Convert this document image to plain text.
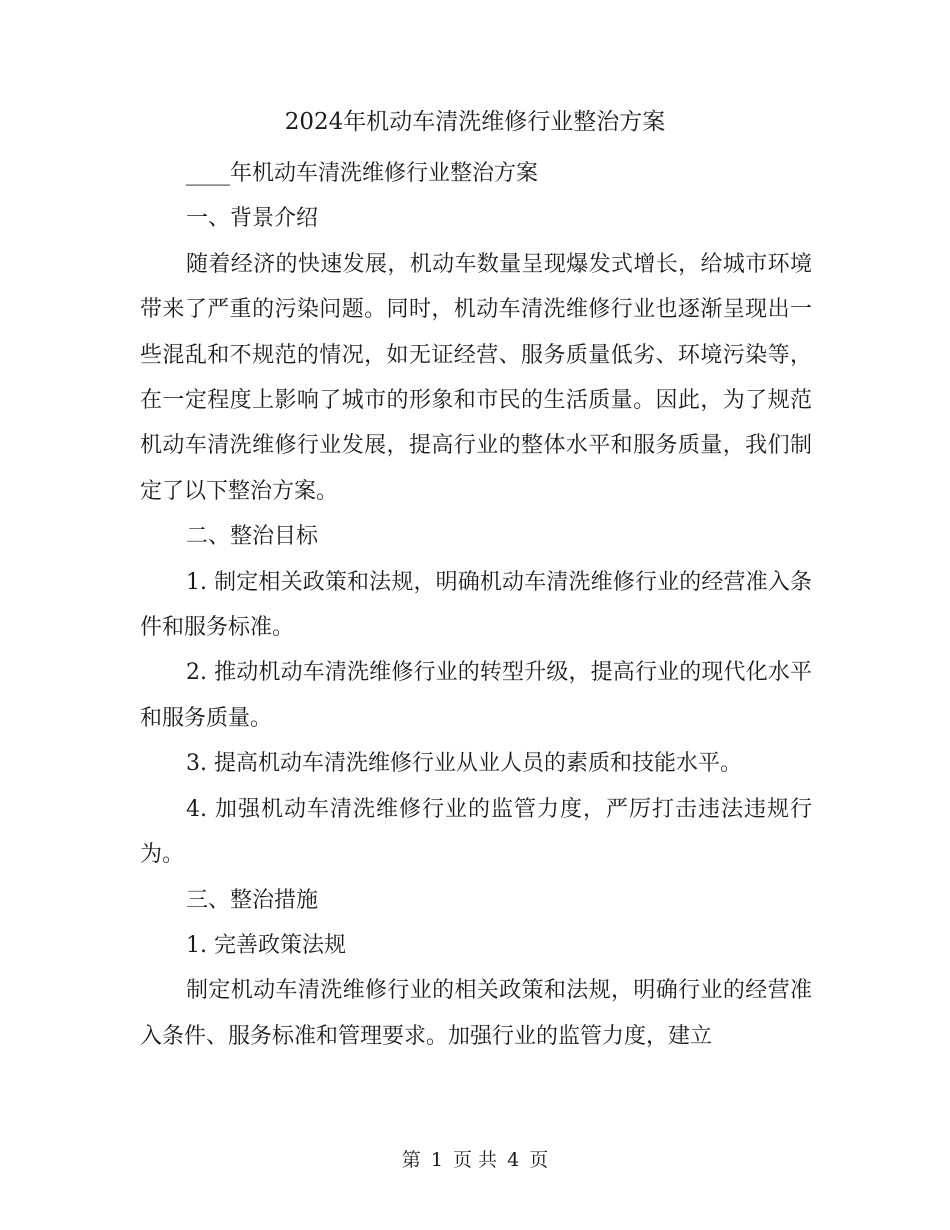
2024年机动车清洗维修行业整治方案

____年机动车清洗维修行业整治方案

一、背景介绍

随着经济的快速发展，机动车数量呈现爆发式增长，给城市环境带来了严重的污染问题。同时，机动车清洗维修行业也逐渐呈现出一些混乱和不规范的情况，如无证经营、服务质量低劣、环境污染等，在一定程度上影响了城市的形象和市民的生活质量。因此，为了规范机动车清洗维修行业发展，提高行业的整体水平和服务质量，我们制定了以下整治方案。

二、整治目标

1. 制定相关政策和法规，明确机动车清洗维修行业的经营准入条件和服务标准。

2. 推动机动车清洗维修行业的转型升级，提高行业的现代化水平和服务质量。

3. 提高机动车清洗维修行业从业人员的素质和技能水平。

4. 加强机动车清洗维修行业的监管力度，严厉打击违法违规行为。

三、整治措施

1. 完善政策法规

制定机动车清洗维修行业的相关政策和法规，明确行业的经营准入条件、服务标准和管理要求。加强行业的监管力度，建立

第 1 页 共 4 页
